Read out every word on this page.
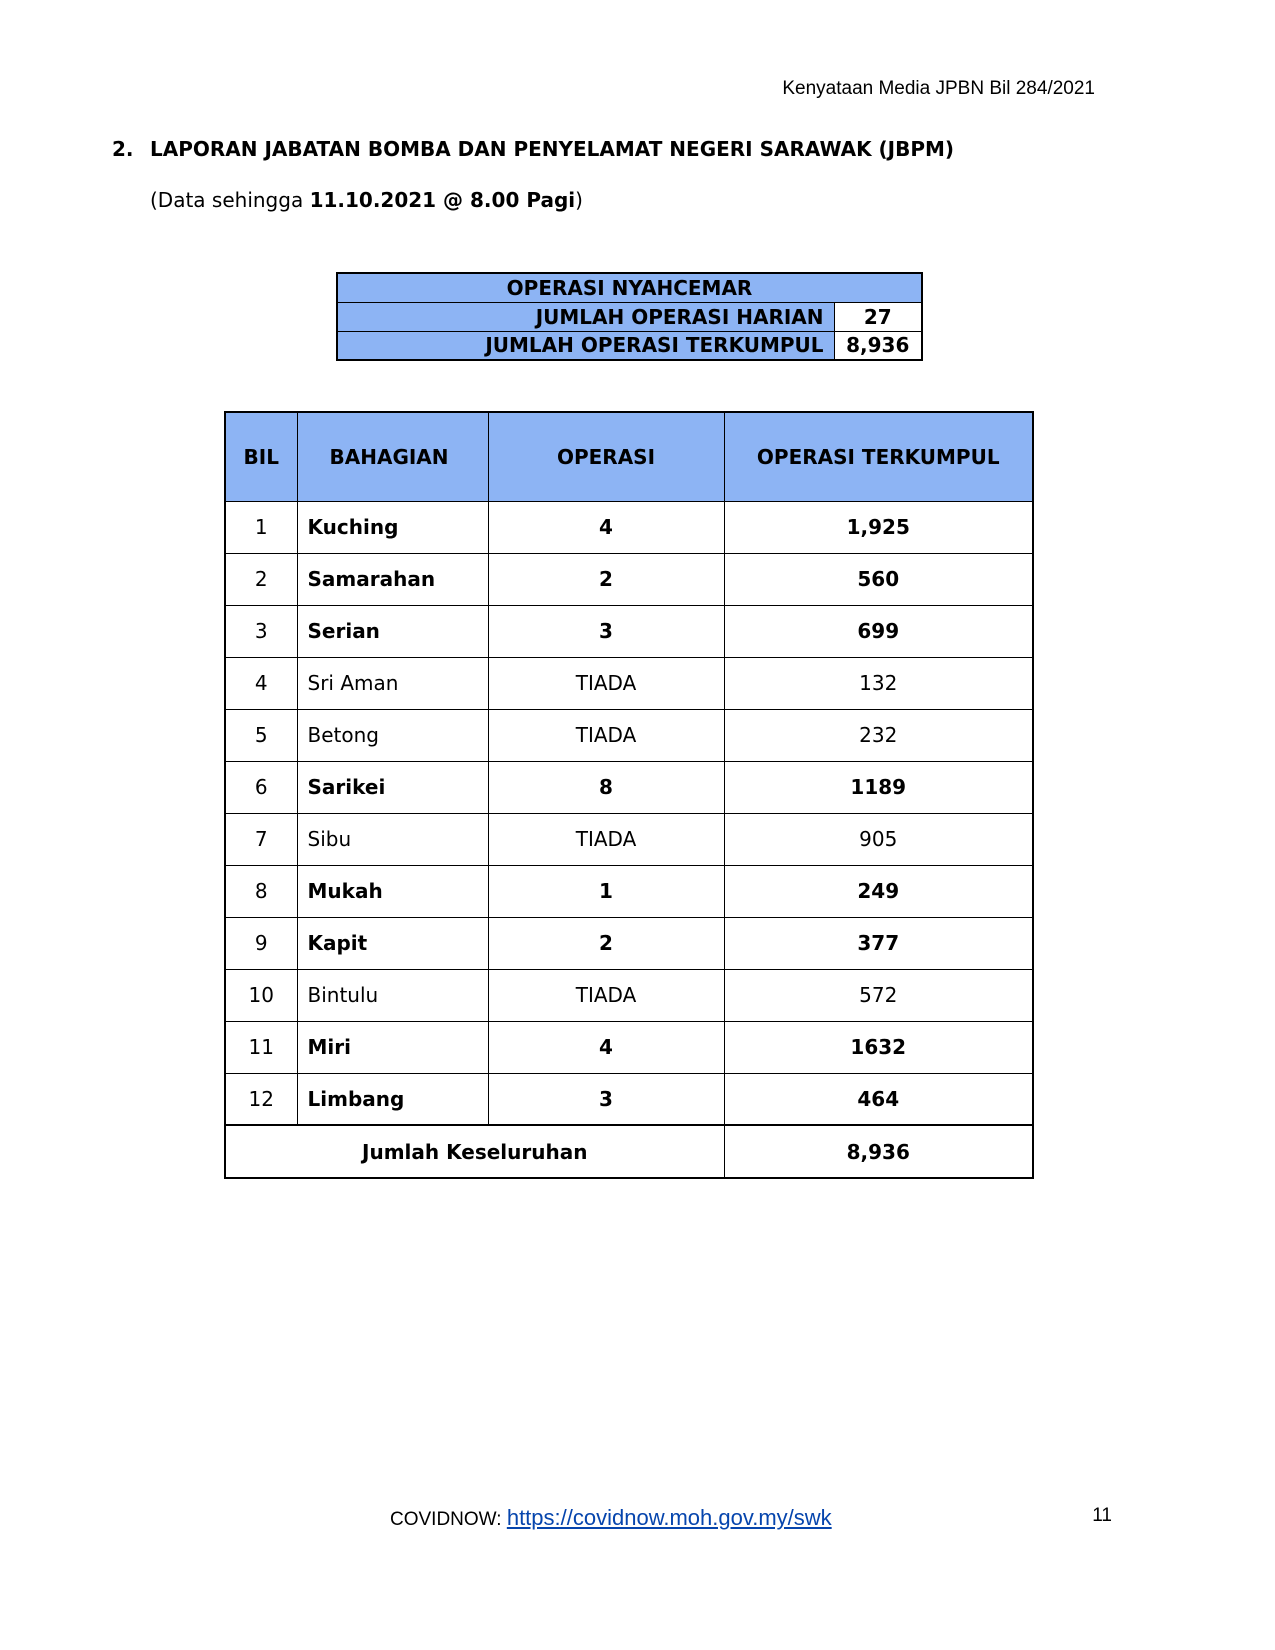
Kenyataan Media JPBN Bil 284/2021
2. LAPORAN JABATAN BOMBA DAN PENYELAMAT NEGERI SARAWAK (JBPM)
(Data sehingga 11.10.2021 @ 8.00 Pagi)
OPERASI NYAHCEMAR	
JUMLAH OPERASI HARIAN	27
JUMLAH OPERASI TERKUMPUL	8,936
BIL	BAHAGIAN	OPERASI	OPERASI TERKUMPUL
1	Kuching	4	1,925
2	Samarahan	2	560
3	Serian	3	699
4	Sri Aman	TIADA	132
5	Betong	TIADA	232
6	Sarikei	8	1189
7	Sibu	TIADA	905
8	Mukah	1	249
9	Kapit	2	377
10	Bintulu	TIADA	572
11	Miri	4	1632
12	Limbang	3	464
Jumlah Keseluruhan			8,936
COVIDNOW: https://covidnow.moh.gov.my/swk	11
